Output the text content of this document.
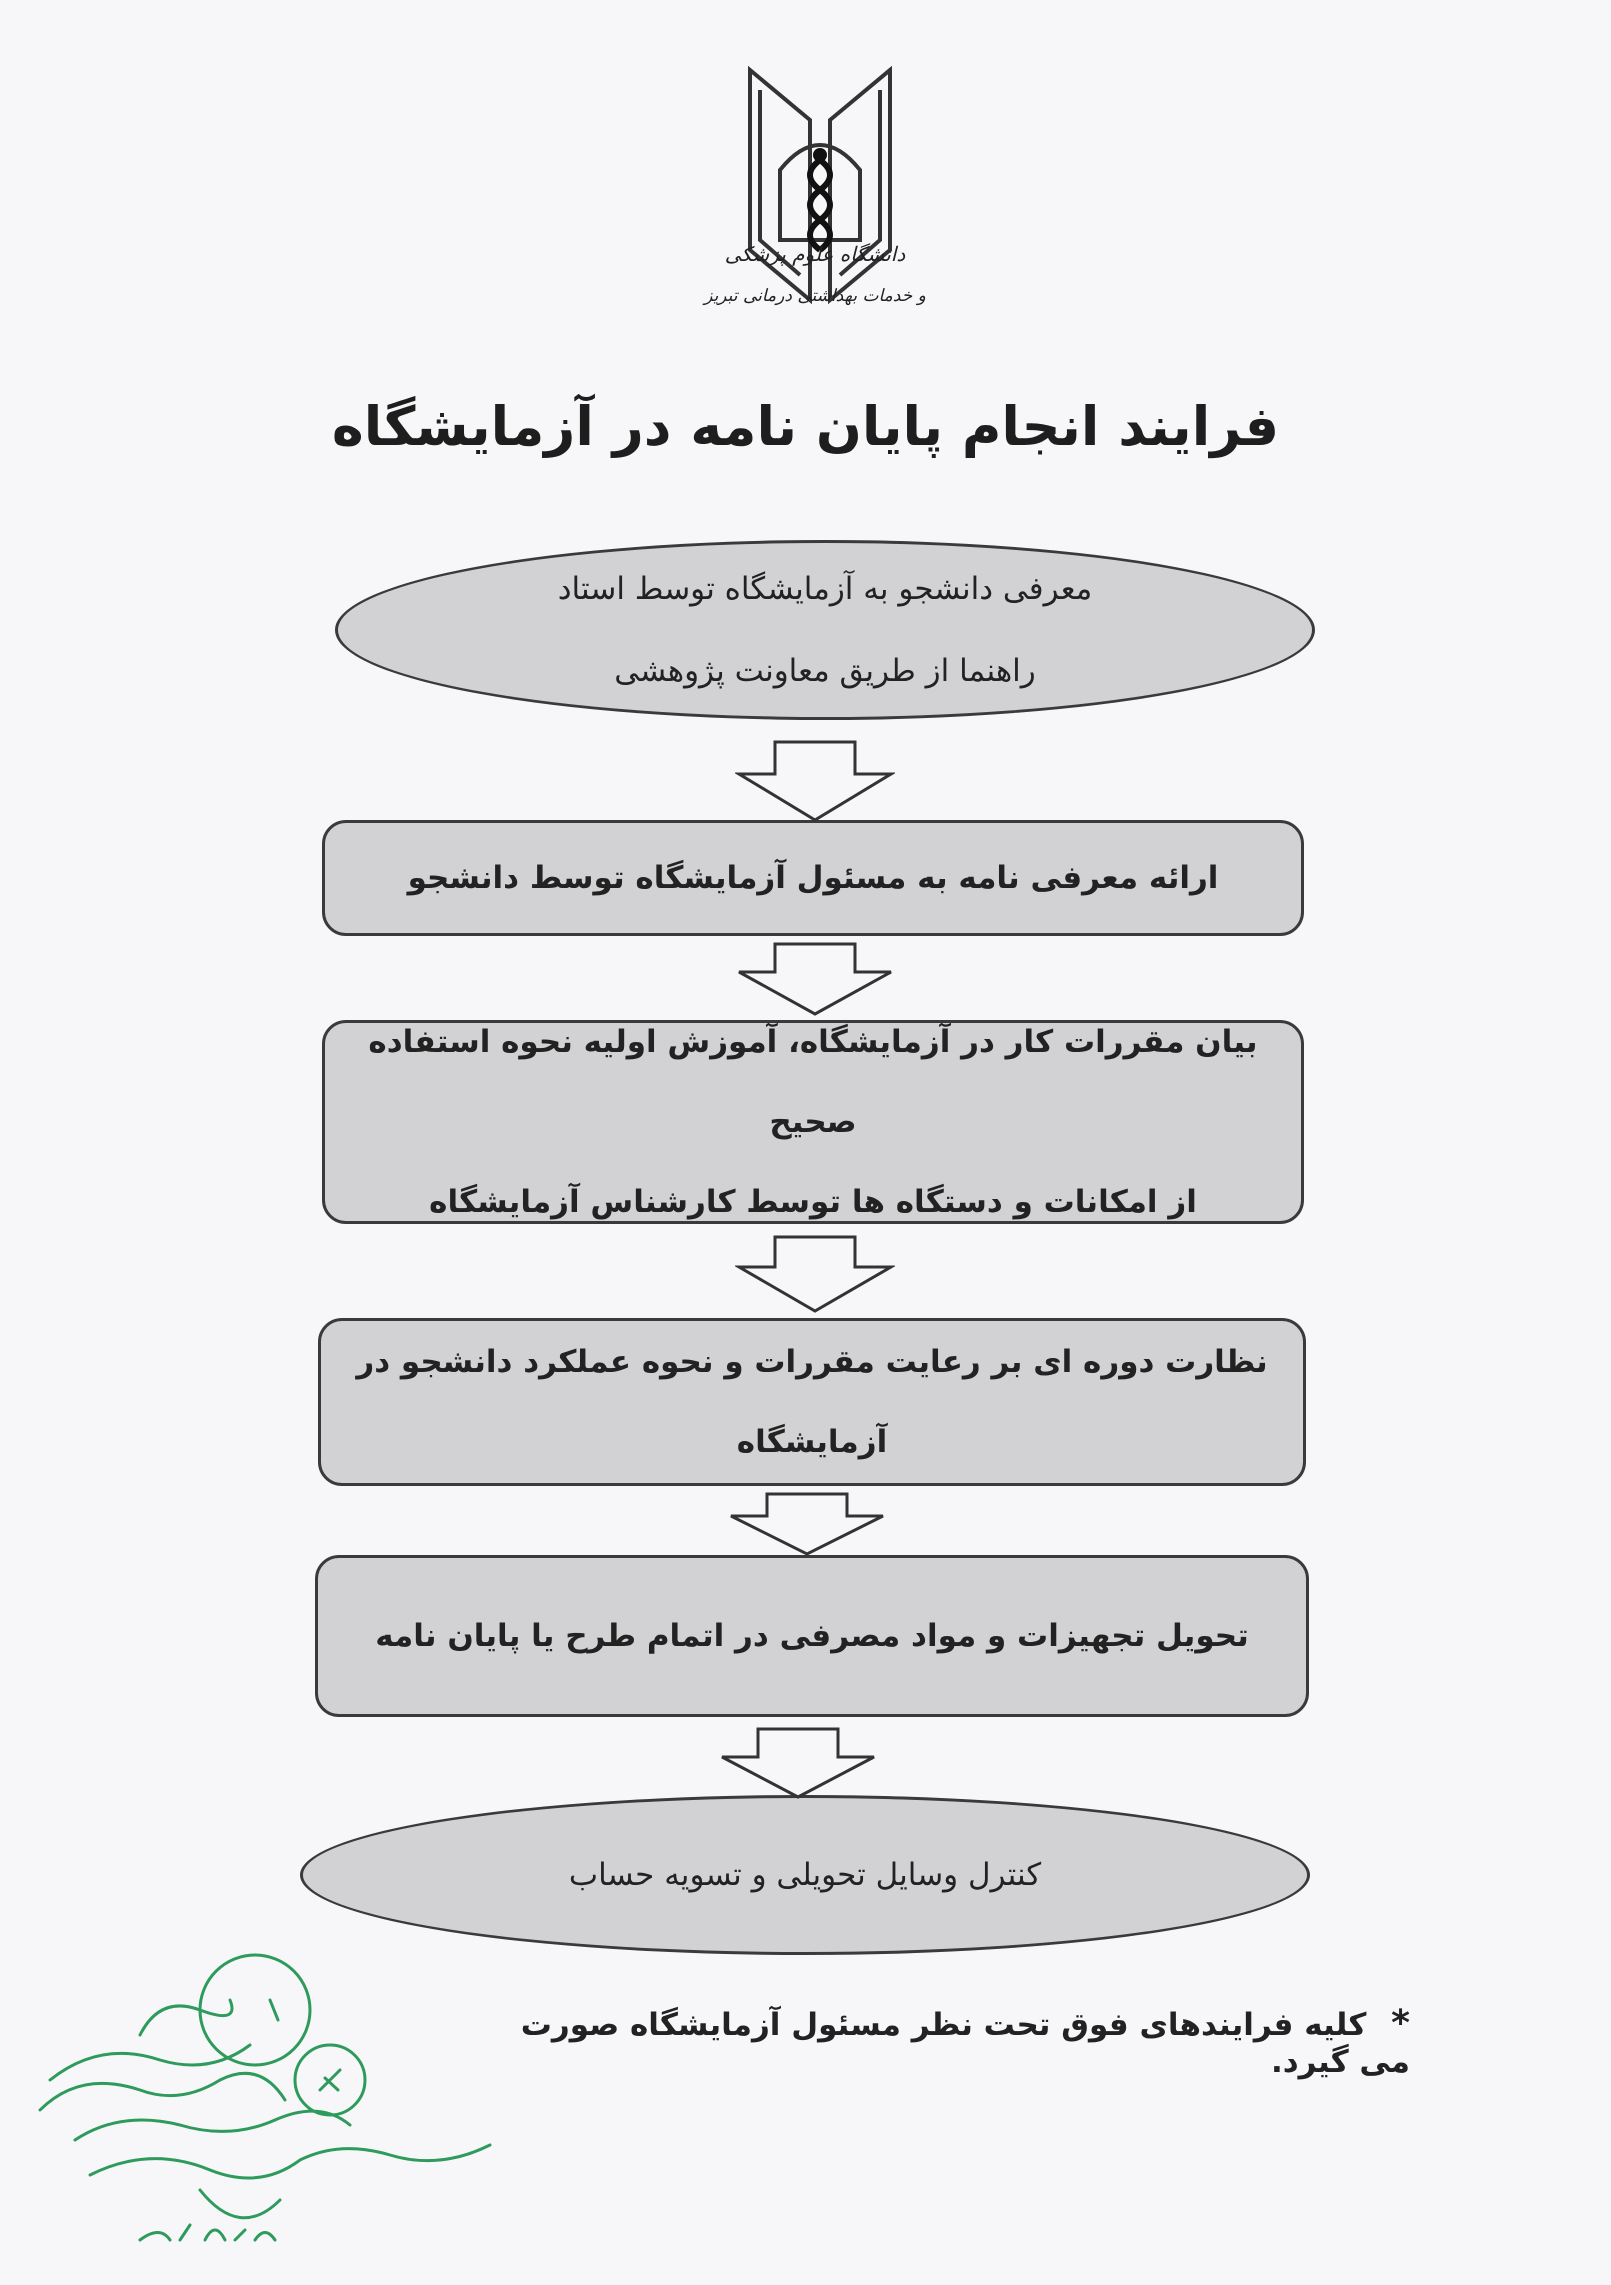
دانشگاه علوم پزشکی
و خدمات بهداشتی درمانی تبریز
فرایند انجام پایان نامه در آزمایشگاه
معرفی دانشجو به آزمایشگاه توسط استاد
راهنما از طریق معاونت پژوهشی
ارائه معرفی نامه به مسئول آزمایشگاه توسط دانشجو
بیان مقررات کار در آزمایشگاه، آموزش اولیه نحوه استفاده صحیح
از امکانات و دستگاه ها توسط کارشناس آزمایشگاه
نظارت دوره ای بر رعایت مقررات و نحوه عملکرد دانشجو در
آزمایشگاه
تحویل تجهیزات و مواد مصرفی در اتمام طرح یا پایان نامه
کنترل وسایل تحویلی و تسویه حساب
* کلیه فرایندهای فوق تحت نظر مسئول آزمایشگاه صورت می گیرد.
